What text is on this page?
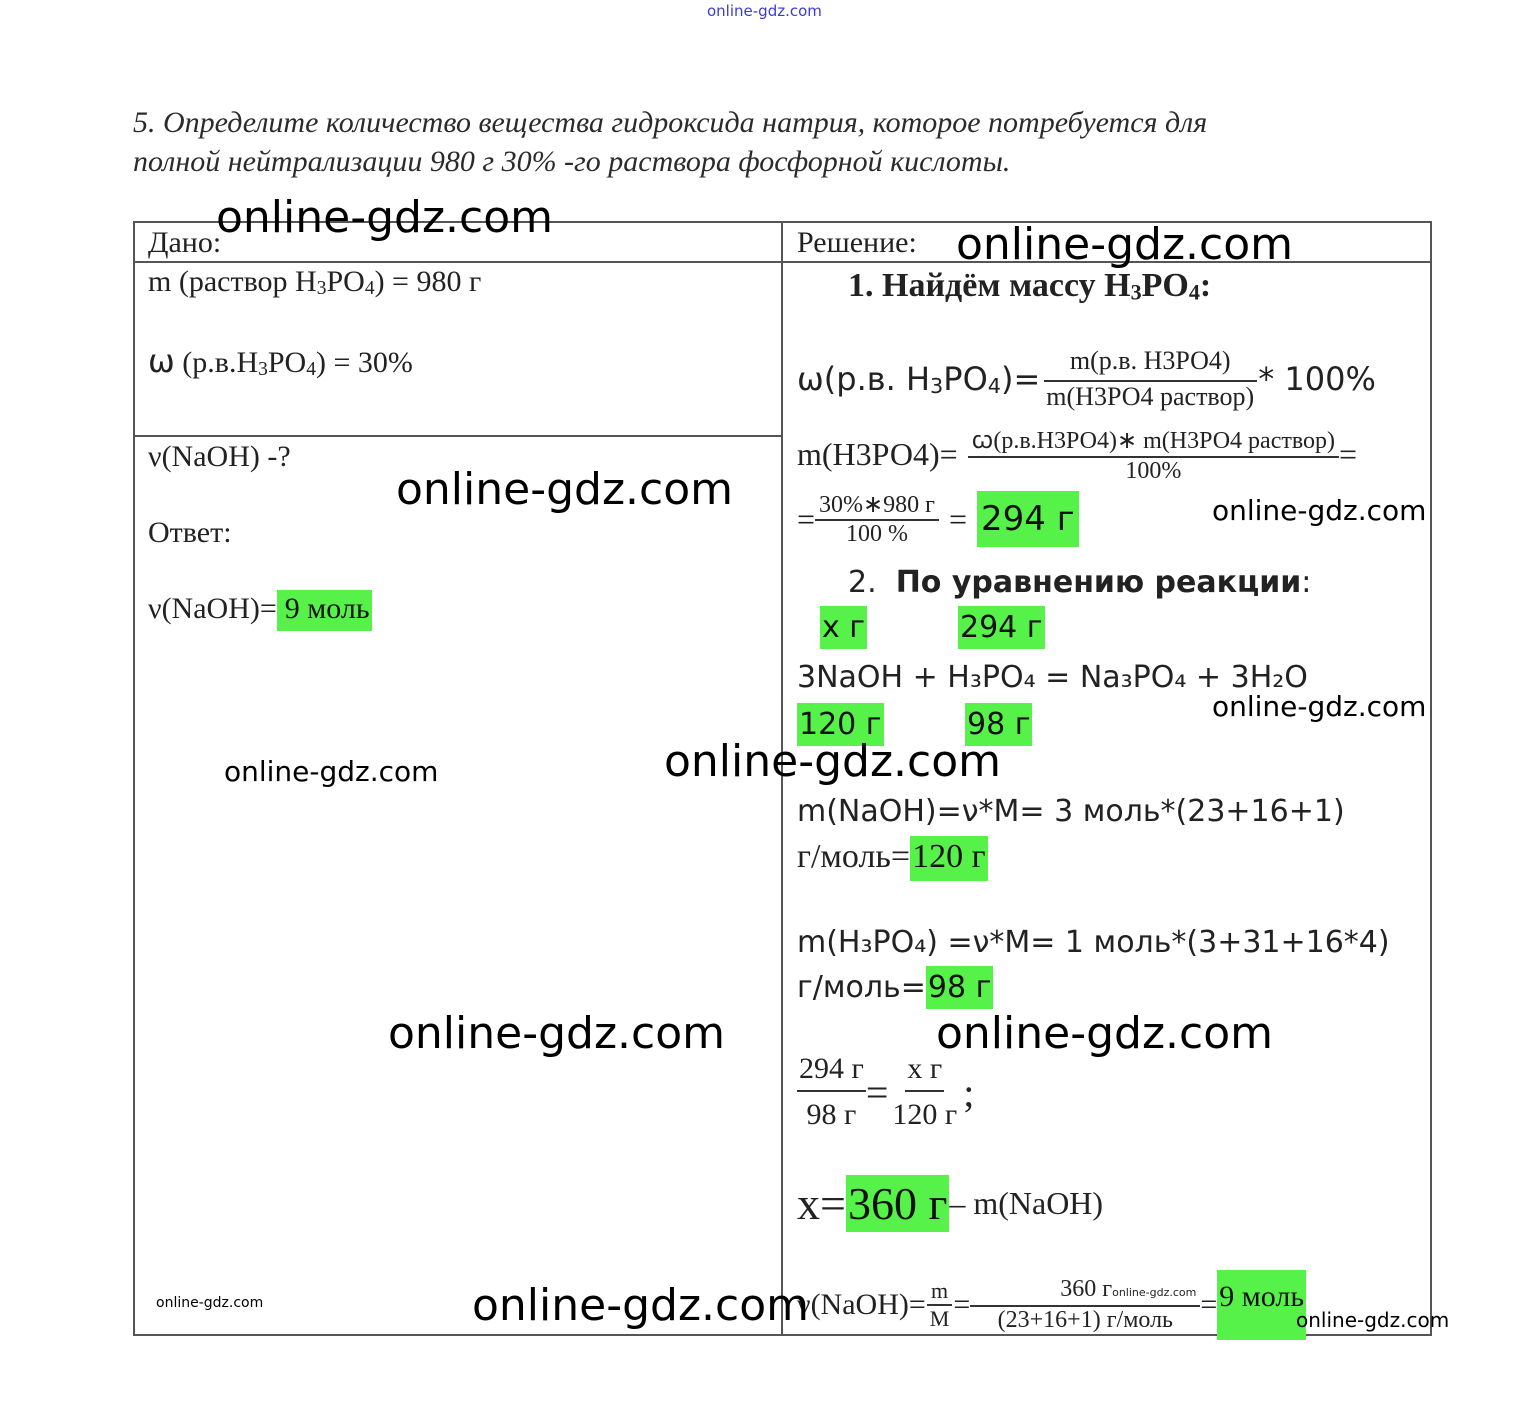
online-gdz.com
5. Определите количество вещества гидроксида натрия, которое потребуется для
полной нейтрализации 980 г 30% -го раствора фосфорной кислоты.
Дано:
m (раствор $H_3PO_4) = 980$ г
ω $(р.в.H_3PO_4) = 30\%$
ν(NaOH) -?
Ответ:
ν(NaOH)= 9 моль
Решение:
1. Найдём массу $H_3PO_4$:
ω(р.в. $H_3PO_4)= \frac{m(р.в. Н3РО4)}{\text{m(Н3РО4 раствор)}} * 100\%$
$m(Н3РО4)= \frac{\text{ꞷ(р.в.Н3РО4)∗ m(Н3РО4 раствор)}}{100\%}$ =
= $\frac{30\%∗980 г}{100 \%} = 294$ г
2. По уравнению реакции:
х г	294 г
3NaOH + H₃PO₄ = Na₃PO₄ + 3H₂O
120 г	98 г
m(NaOH)=ν*M= 3 моль*(23+16+1)
г/моль=120 г
m(H₃PO₄) =ν*M= 1 моль*(3+31+16*4)
г/моль=98 г
$\frac{294 г}{98 г} = \frac{\text{х г}}{120 г}$ ;
x= 360 г – m(NaOH)
ν(NaOH)= $\frac{m}{M} = \frac{\text{360 гonline-gdz.com}}{\text{(23+16+1) г/моль}} = 9$ моль
online-gdz.com
online-gdz.com
online-gdz.com	online-gdz.com
online-gdz.com
online-gdz.com
online-gdz.com
online-gdz.com	online-gdz.com
online-gdz.com
online-gdz.com
online-gdz.com
